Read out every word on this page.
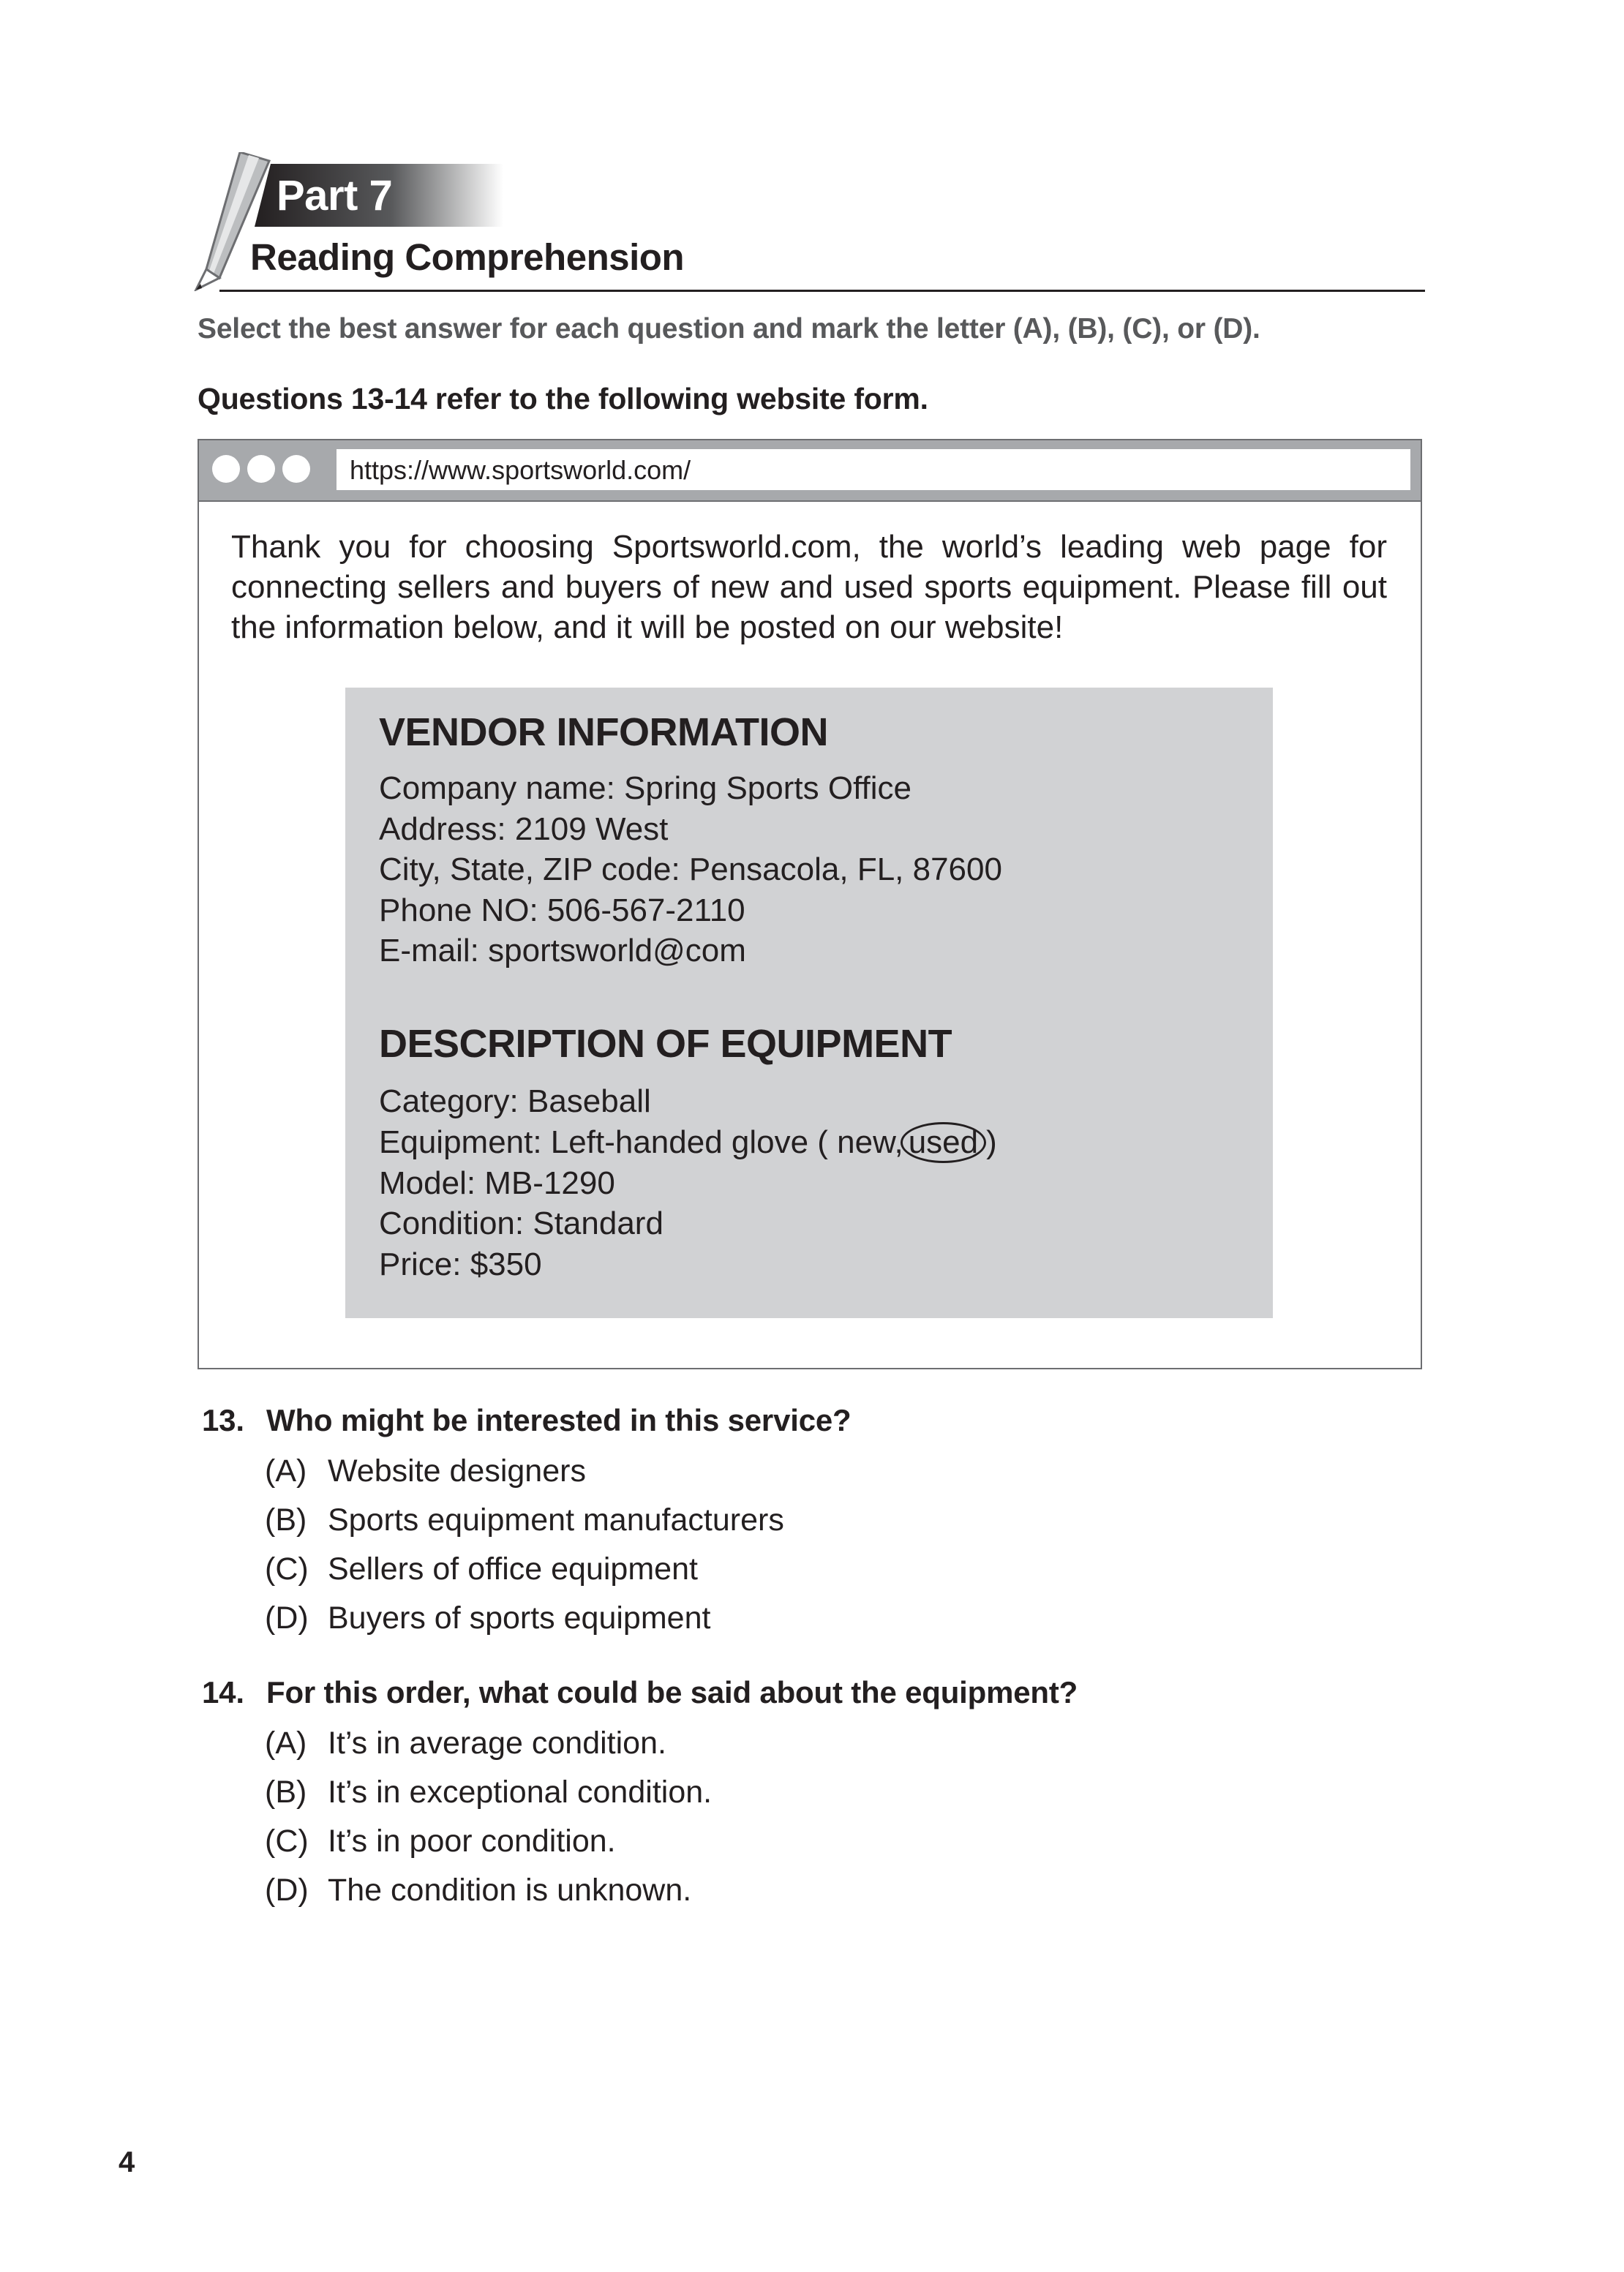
Part 7
Reading Comprehension
Select the best answer for each question and mark the letter (A), (B), (C), or (D).
Questions 13-14 refer to the following website form.
https://www.sportsworld.com/
Thank you for choosing Sportsworld.com, the world’s leading web page for connecting sellers and buyers of new and used sports equipment. Please fill out the information below, and it will be posted on our website!
VENDOR INFORMATION
Company name: Spring Sports Office
Address: 2109 West
City, State, ZIP code: Pensacola, FL, 87600
Phone NO: 506-567-2110
E-mail: sportsworld@com
DESCRIPTION OF EQUIPMENT
Category: Baseball
Equipment: Left-handed glove ( new, used )
Model: MB-1290
Condition: Standard
Price: $350
13. Who might be interested in this service?
(A) Website designers
(B) Sports equipment manufacturers
(C) Sellers of office equipment
(D) Buyers of sports equipment
14. For this order, what could be said about the equipment?
(A) It’s in average condition.
(B) It’s in exceptional condition.
(C) It’s in poor condition.
(D) The condition is unknown.
4
